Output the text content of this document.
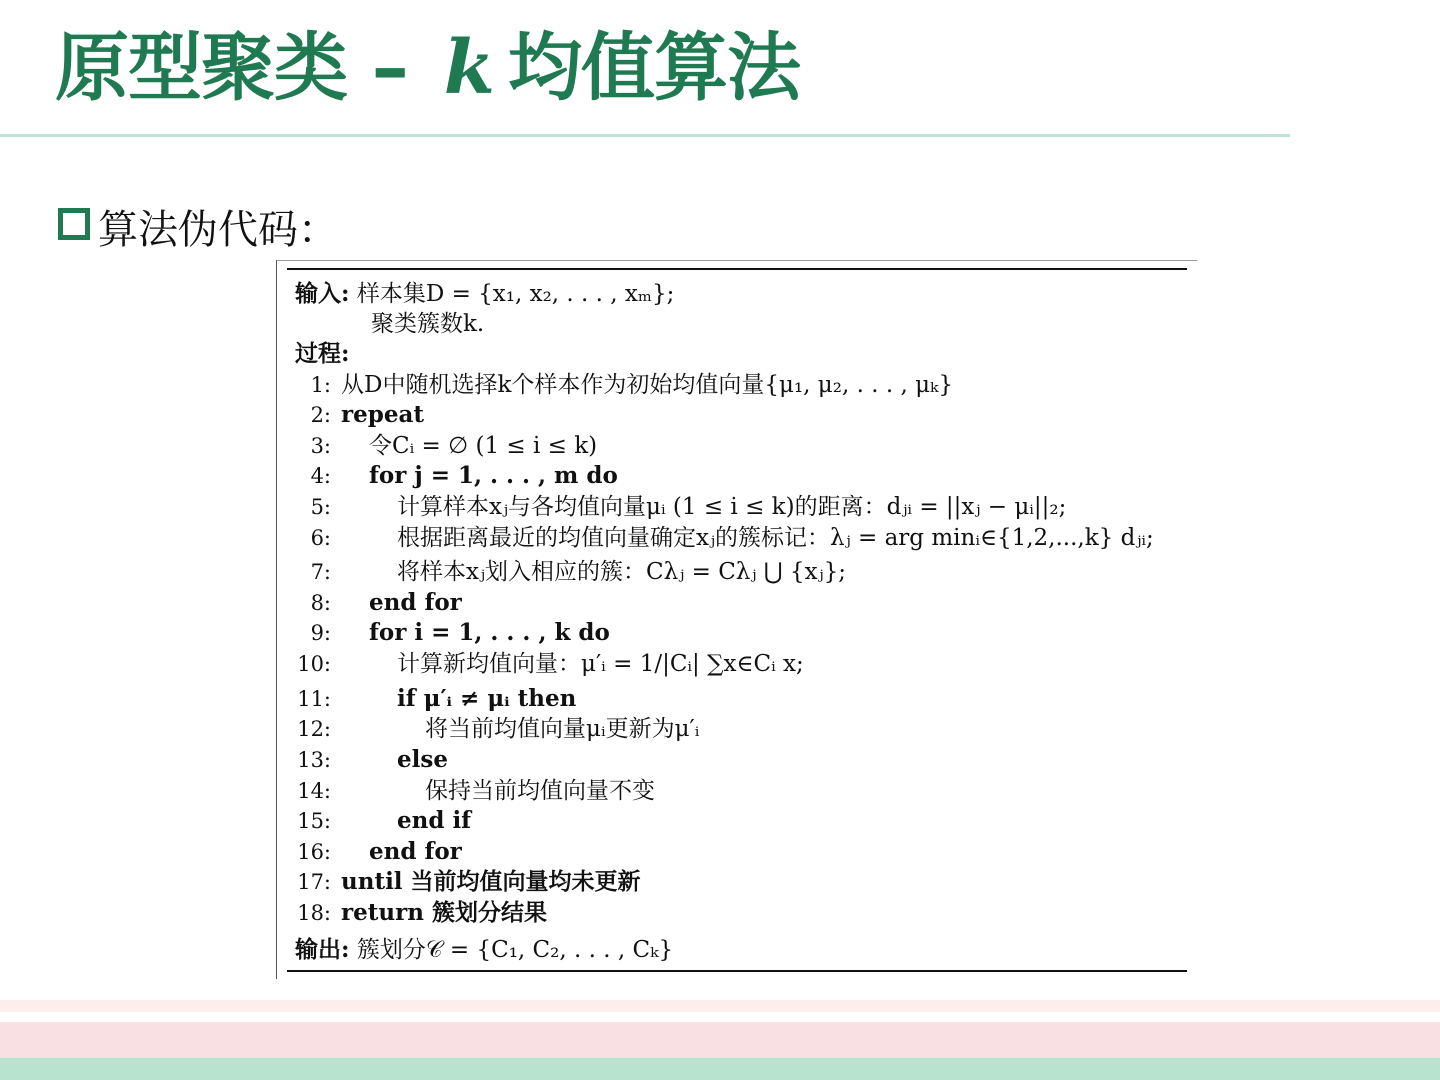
原型聚类 – k 均值算法
算法伪代码：
输入: 样本集D = {x₁, x₂, . . . , xₘ};
聚类簇数k.
过程:
1: 从D中随机选择k个样本作为初始均值向量{μ₁, μ₂, . . . , μₖ}
2: repeat
3: 令Cᵢ = ∅ (1 ≤ i ≤ k)
4: for j = 1, . . . , m do
5:	计算样本xⱼ与各均值向量μᵢ (1 ≤ i ≤ k)的距离：dⱼᵢ = ||xⱼ − μᵢ||₂;
6:	根据距离最近的均值向量确定xⱼ的簇标记：λⱼ = arg minᵢ∈{1,2,...,k} dⱼᵢ;
7:	将样本xⱼ划入相应的簇：Cλⱼ = Cλⱼ ⋃ {xⱼ};
8: end for
9: for i = 1, . . . , k do
10:	计算新均值向量：μ′ᵢ = 1/|Cᵢ| ∑x∈Cᵢ x;
11:	if μ′ᵢ ≠ μᵢ then
12:	将当前均值向量μᵢ更新为μ′ᵢ
13:	else
14:	保持当前均值向量不变
15:	end if
16: end for
17: until 当前均值向量均未更新
18: return 簇划分结果
输出: 簇划分𝒞 = {C₁, C₂, . . . , Cₖ}
